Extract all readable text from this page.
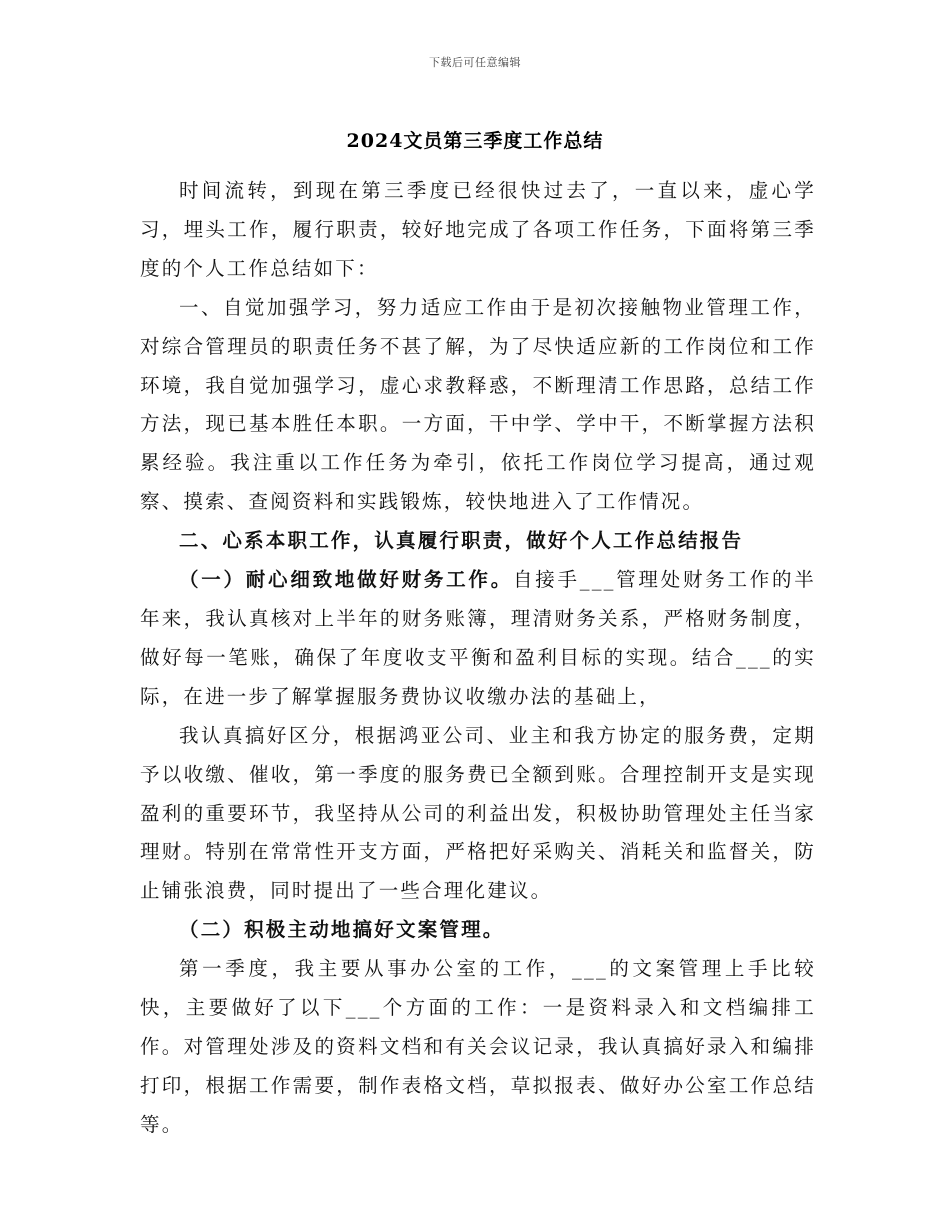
下载后可任意编辑
2024文员第三季度工作总结

时间流转，到现在第三季度已经很快过去了，一直以来，虚心学习，埋头工作，履行职责，较好地完成了各项工作任务，下面将第三季度的个人工作总结如下：

一、自觉加强学习，努力适应工作由于是初次接触物业管理工作，对综合管理员的职责任务不甚了解，为了尽快适应新的工作岗位和工作环境，我自觉加强学习，虚心求教释惑，不断理清工作思路，总结工作方法，现已基本胜任本职。一方面，干中学、学中干，不断掌握方法积累经验。我注重以工作任务为牵引，依托工作岗位学习提高，通过观察、摸索、查阅资料和实践锻炼，较快地进入了工作情况。

二、心系本职工作，认真履行职责，做好个人工作总结报告

（一）耐心细致地做好财务工作。自接手___管理处财务工作的半年来，我认真核对上半年的财务账簿，理清财务关系，严格财务制度，做好每一笔账，确保了年度收支平衡和盈利目标的实现。结合___的实际，在进一步了解掌握服务费协议收缴办法的基础上，

我认真搞好区分，根据鸿亚公司、业主和我方协定的服务费，定期予以收缴、催收，第一季度的服务费已全额到账。合理控制开支是实现盈利的重要环节，我坚持从公司的利益出发，积极协助管理处主任当家理财。特别在常常性开支方面，严格把好采购关、消耗关和监督关，防止铺张浪费，同时提出了一些合理化建议。

（二）积极主动地搞好文案管理。

第一季度，我主要从事办公室的工作，___的文案管理上手比较快，主要做好了以下___个方面的工作：一是资料录入和文档编排工作。对管理处涉及的资料文档和有关会议记录，我认真搞好录入和编排打印，根据工作需要，制作表格文档，草拟报表、做好办公室工作总结等。
